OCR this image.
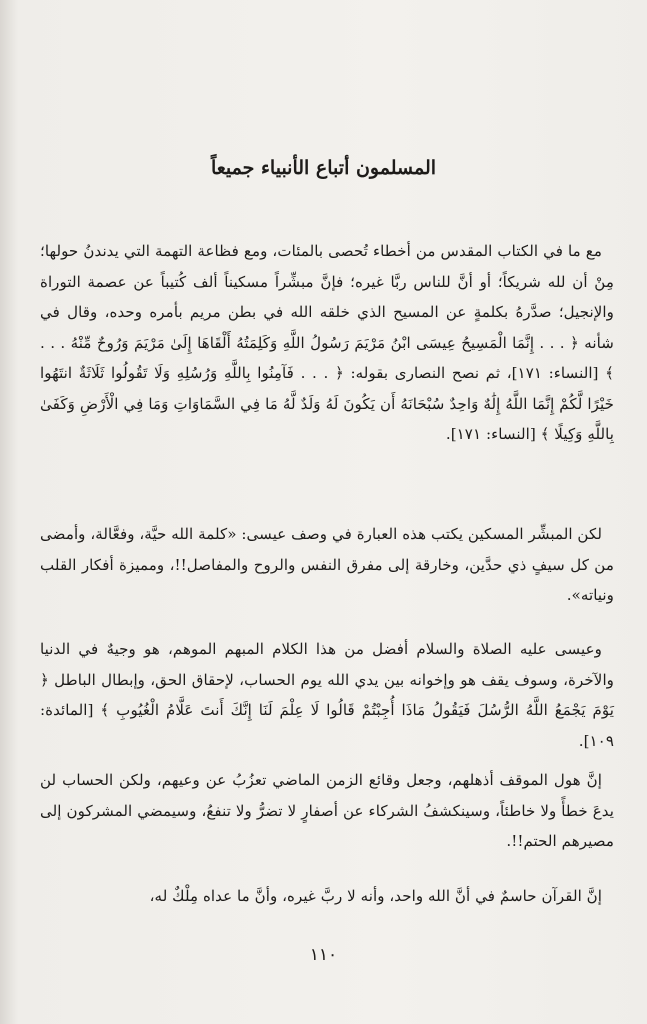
المسلمون أتباع الأنبياء جميعاً

مع ما في الكتاب المقدس من أخطاء تُحصى بالمئات، ومع فظاعة التهمة التي يدندنُ حولها؛ مِنْ أن لله شريكاً؛ أو أنَّ للناس ربَّا غيره؛ فإنَّ مبشِّراً مسكيناً ألف كُتيباً عن عصمة التوراة والإنجيل؛ صدَّرهُ بكلمةٍ عن المسيح الذي خلقه الله في بطن مريم بأمره وحده، وقال في شأنه ﴿ . . . إِنَّمَا الْمَسِيحُ عِيسَى ابْنُ مَرْيَمَ رَسُولُ اللَّهِ وَكَلِمَتُهُ أَلْقَاهَا إِلَىٰ مَرْيَمَ وَرُوحٌ مِّنْهُ . . . ﴾ [النساء: ١٧١]، ثم نصح النصارى بقوله: ﴿ . . . فَآمِنُوا بِاللَّهِ وَرُسُلِهِ وَلَا تَقُولُوا ثَلَاثَةٌ انتَهُوا خَيْرًا لَّكُمْ إِنَّمَا اللَّهُ إِلَٰهٌ وَاحِدٌ سُبْحَانَهُ أَن يَكُونَ لَهُ وَلَدٌ لَّهُ مَا فِي السَّمَاوَاتِ وَمَا فِي الْأَرْضِ وَكَفَىٰ بِاللَّهِ وَكِيلًا ﴾ [النساء: ١٧١].

لكن المبشِّر المسكين يكتب هذه العبارة في وصف عيسى: «كلمة الله حيَّة، وفعَّالة، وأمضى من كل سيفٍ ذي حدَّين، وخارقة إلى مفرق النفس والروح والمفاصل!!، ومميزة أفكار القلب ونياته».

وعيسى عليه الصلاة والسلام أفضل من هذا الكلام المبهم الموهم، هو وجيهٌ في الدنيا والآخرة، وسوف يقف هو وإخوانه بين يدي الله يوم الحساب، لإحقاق الحق، وإبطال الباطل ﴿ يَوْمَ يَجْمَعُ اللَّهُ الرُّسُلَ فَيَقُولُ مَاذَا أُجِبْتُمْ قَالُوا لَا عِلْمَ لَنَا إِنَّكَ أَنتَ عَلَّامُ الْغُيُوبِ ﴾ [المائدة: ١٠٩].

إنَّ هول الموقف أذهلهم، وجعل وقائع الزمن الماضي تعزُبُ عن وعيهم، ولكن الحساب لن يدعَ خطأً ولا خاطئاً، وسينكشفُ الشركاء عن أصفارٍ لا تضرُّ ولا تنفعُ، وسيمضي المشركون إلى مصيرهم الحتم!!.

إنَّ القرآن حاسمٌ في أنَّ الله واحد، وأنه لا ربَّ غيره، وأنَّ ما عداه مِلْكٌ له،

١١٠
